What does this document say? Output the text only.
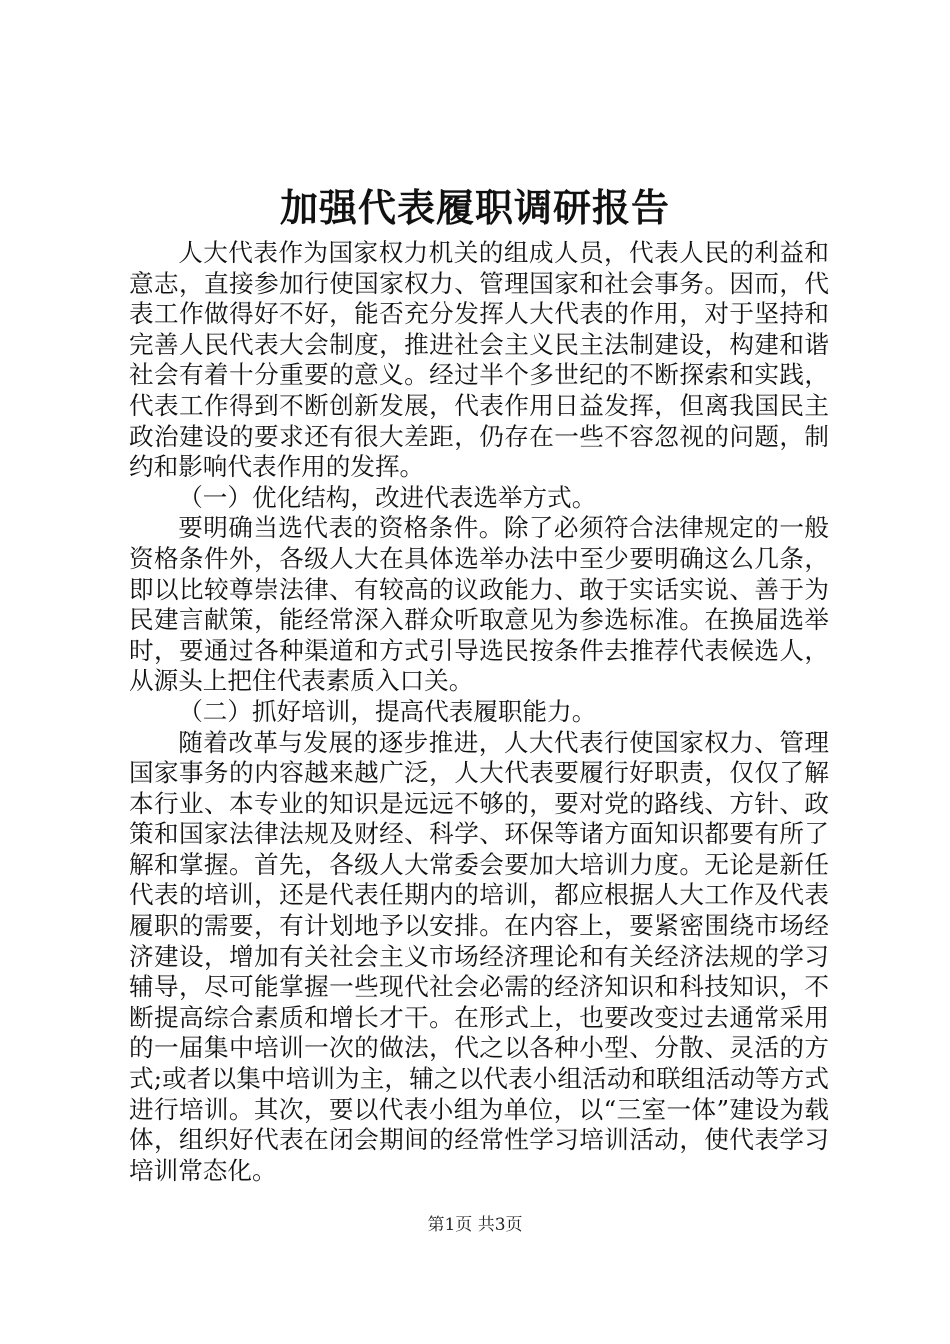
加强代表履职调研报告

人大代表作为国家权力机关的组成人员，代表人民的利益和意志，直接参加行使国家权力、管理国家和社会事务。因而，代表工作做得好不好，能否充分发挥人大代表的作用，对于坚持和完善人民代表大会制度，推进社会主义民主法制建设，构建和谐社会有着十分重要的意义。经过半个多世纪的不断探索和实践，代表工作得到不断创新发展，代表作用日益发挥，但离我国民主政治建设的要求还有很大差距，仍存在一些不容忽视的问题，制约和影响代表作用的发挥。

（一）优化结构，改进代表选举方式。

要明确当选代表的资格条件。除了必须符合法律规定的一般资格条件外，各级人大在具体选举办法中至少要明确这么几条，即以比较尊崇法律、有较高的议政能力、敢于实话实说、善于为民建言献策，能经常深入群众听取意见为参选标准。在换届选举时，要通过各种渠道和方式引导选民按条件去推荐代表候选人，从源头上把住代表素质入口关。

（二）抓好培训，提高代表履职能力。

随着改革与发展的逐步推进，人大代表行使国家权力、管理国家事务的内容越来越广泛，人大代表要履行好职责，仅仅了解本行业、本专业的知识是远远不够的，要对党的路线、方针、政策和国家法律法规及财经、科学、环保等诸方面知识都要有所了解和掌握。首先，各级人大常委会要加大培训力度。无论是新任代表的培训，还是代表任期内的培训，都应根据人大工作及代表履职的需要，有计划地予以安排。在内容上，要紧密围绕市场经济建设，增加有关社会主义市场经济理论和有关经济法规的学习辅导，尽可能掌握一些现代社会必需的经济知识和科技知识，不断提高综合素质和增长才干。在形式上，也要改变过去通常采用的一届集中培训一次的做法，代之以各种小型、分散、灵活的方式;或者以集中培训为主，辅之以代表小组活动和联组活动等方式进行培训。其次，要以代表小组为单位，以“三室一体”建设为载体，组织好代表在闭会期间的经常性学习培训活动，使代表学习培训常态化。

第1页 共3页
